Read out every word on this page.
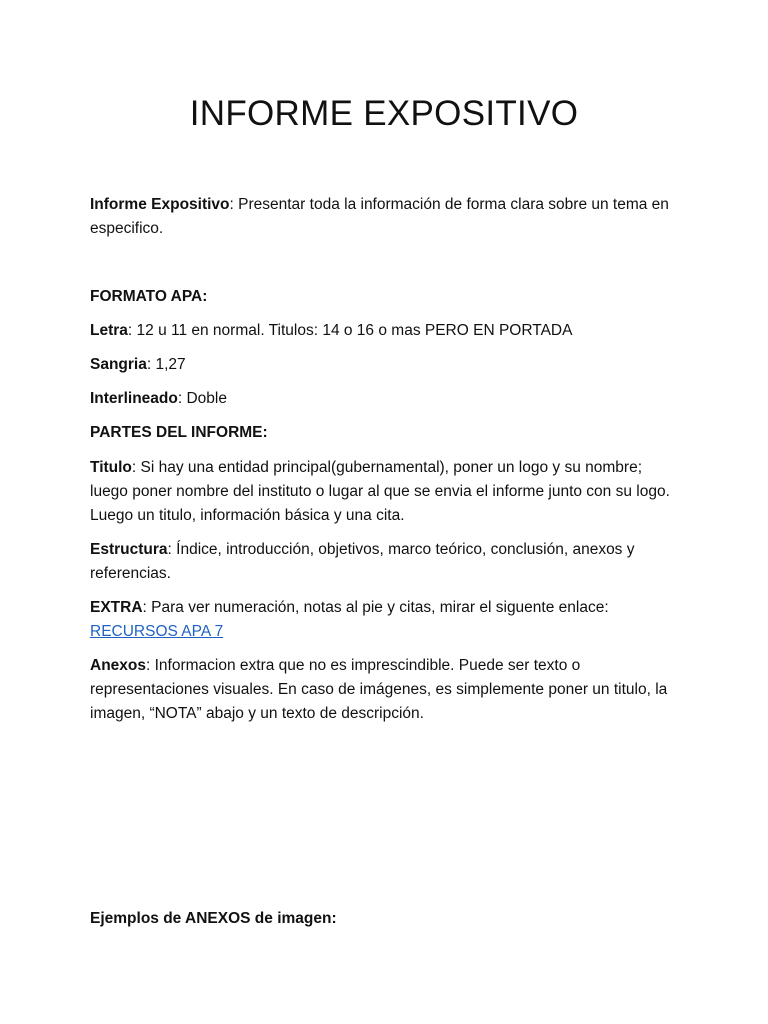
INFORME EXPOSITIVO
Informe Expositivo: Presentar toda la información de forma clara sobre un tema en especifico.
FORMATO APA:
Letra: 12 u 11 en normal. Titulos: 14 o 16 o mas PERO EN PORTADA
Sangria: 1,27
Interlineado: Doble
PARTES DEL INFORME:
Titulo: Si hay una entidad principal(gubernamental), poner un logo y su nombre; luego poner nombre del instituto o lugar al que se envia el informe junto con su logo. Luego un titulo, información básica y una cita.
Estructura: Índice, introducción, objetivos, marco teórico, conclusión, anexos y referencias.
EXTRA: Para ver numeración, notas al pie y citas, mirar el siguente enlace:
RECURSOS APA 7
Anexos: Informacion extra que no es imprescindible. Puede ser texto o representaciones visuales. En caso de imágenes, es simplemente poner un titulo, la imagen, “NOTA” abajo y un texto de descripción.
Ejemplos de ANEXOS de imagen:
